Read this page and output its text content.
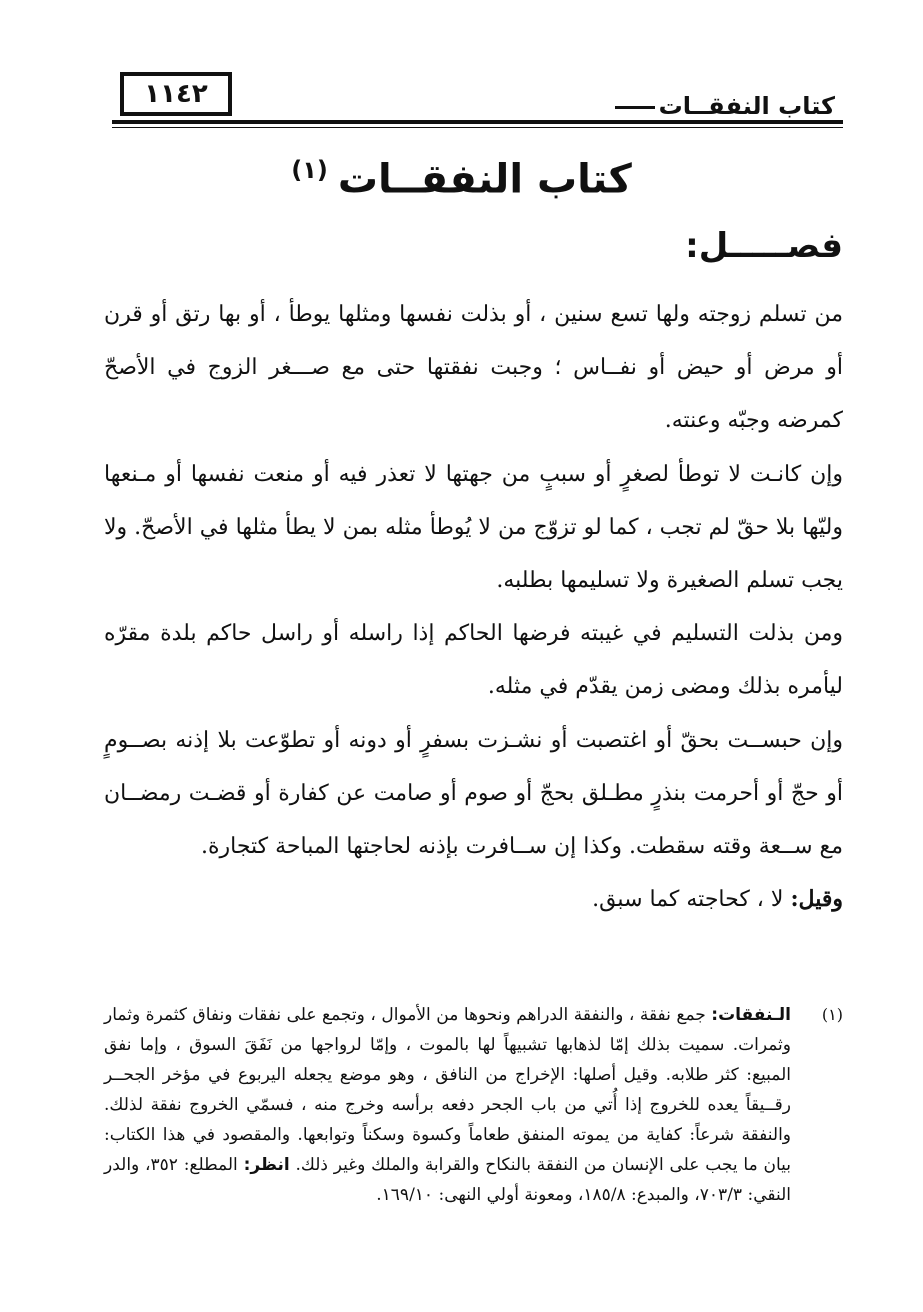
١١٤٢	كتاب النفقــات
كتاب النفقــات$^{(١)}$
فصـــــل:

من تسلم زوجته ولها تسع سنين ، أو بذلت نفسها ومثلها يوطأ ، أو بها رتق أو قرن أو مرض أو حيض أو نفــاس ؛ وجبت نفقتها حتى مع صـــغر الزوج في الأصحّ كمرضه وجبّه وعنته.

وإن كانـت لا توطأ لصغرٍ أو سببٍ من جهتها لا تعذر فيه أو منعت نفسها أو مـنعها وليّها بلا حقّ لم تجب ، كما لو تزوّج من لا يُوطأ مثله بمن لا يطأ مثلها في الأصحّ. ولا يجب تسلم الصغيرة ولا تسليمها بطلبه.

ومن بذلت التسليم في غيبته فرضها الحاكم إذا راسله أو راسل حاكم بلدة مقرّه ليأمره بذلك ومضى زمن يقدّم في مثله.

وإن حبســت بحقّ أو اغتصبت أو نشـزت بسفرٍ أو دونه أو تطوّعت بلا إذنه بصــومٍ أو حجّ أو أحرمت بنذرٍ مطـلق بحجّ أو صوم أو صامت عن كفارة أو قضـت رمضــان مع ســعة وقته سقطت. وكذا إن ســافرت بإذنه لحاجتها المباحة كتجارة.

وقيل: لا ، كحاجته كما سبق.

(١)
الـنفقات: جمع نفقة ، والنفقة الدراهم ونحوها من الأموال ، وتجمع على نفقات ونفاق كثمرة وثمار وثمرات. سميت بذلك إمّا لذهابها تشبيهاً لها بالموت ، وإمّا لرواجها من نَفَقَ السوق ، وإما نفق المبيع: كثر طلابه. وقيل أصلها: الإخراج من النافق ، وهو موضع يجعله اليربوع في مؤخر الجحــر رقــيقاً يعده للخروج إذا أُتي من باب الجحر دفعه برأسه وخرج منه ، فسمّي الخروج نفقة لذلك. والنفقة شرعاً: كفاية من يموته المنفق طعاماً وكسوة وسكناً وتوابعها. والمقصود في هذا الكتاب: بيان ما يجب على الإنسان من النفقة بالنكاح والقرابة والملك وغير ذلك. انظر: المطلع: ٣٥٢، والدر النقي: ٧٠٣/٣، والمبدع: ١٨٥/٨، ومعونة أولي النهى: ١٦٩/١٠.
